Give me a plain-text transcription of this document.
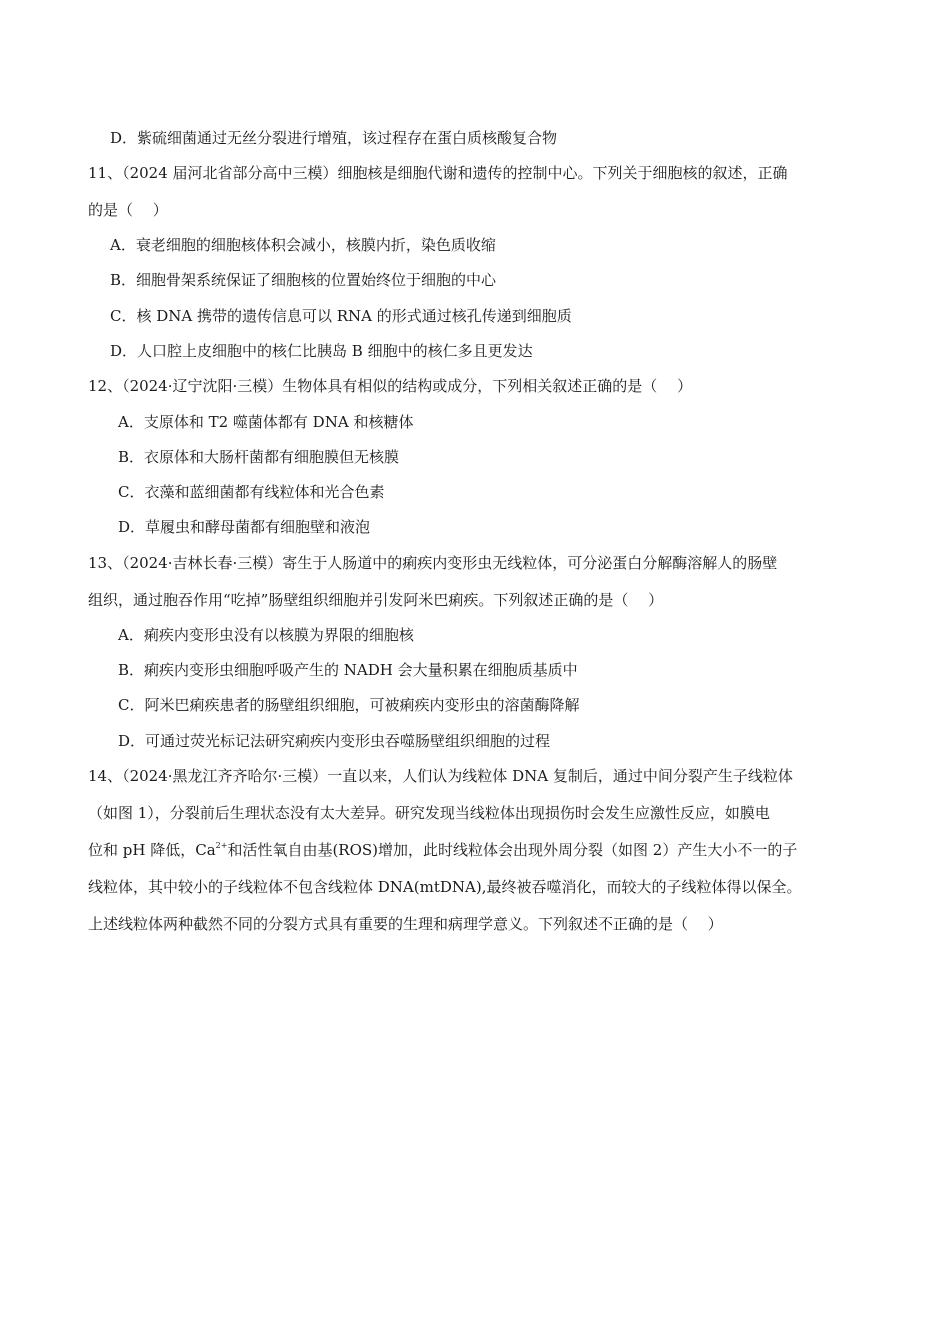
D．紫硫细菌通过无丝分裂进行增殖，该过程存在蛋白质核酸复合物
11、（2024 届河北省部分高中三模）细胞核是细胞代谢和遗传的控制中心。下列关于细胞核的叙述，正确
的是（　 ）
A．衰老细胞的细胞核体积会减小，核膜内折，染色质收缩
B．细胞骨架系统保证了细胞核的位置始终位于细胞的中心
C．核 DNA 携带的遗传信息可以 RNA 的形式通过核孔传递到细胞质
D．人口腔上皮细胞中的核仁比胰岛 B 细胞中的核仁多且更发达
12、（2024·辽宁沈阳·三模）生物体具有相似的结构或成分，下列相关叙述正确的是（　 ）
A．支原体和 T2 噬菌体都有 DNA 和核糖体
B．衣原体和大肠杆菌都有细胞膜但无核膜
C．衣藻和蓝细菌都有线粒体和光合色素
D．草履虫和酵母菌都有细胞壁和液泡
13、（2024·吉林长春·三模）寄生于人肠道中的痢疾内变形虫无线粒体，可分泌蛋白分解酶溶解人的肠壁
组织，通过胞吞作用“吃掉”肠壁组织细胞并引发阿米巴痢疾。下列叙述正确的是（　 ）
A．痢疾内变形虫没有以核膜为界限的细胞核
B．痢疾内变形虫细胞呼吸产生的 NADH 会大量积累在细胞质基质中
C．阿米巴痢疾患者的肠壁组织细胞，可被痢疾内变形虫的溶菌酶降解
D．可通过荧光标记法研究痢疾内变形虫吞噬肠壁组织细胞的过程
14、（2024·黑龙江齐齐哈尔·三模）一直以来，人们认为线粒体 DNA 复制后，通过中间分裂产生子线粒体
（如图 1），分裂前后生理状态没有太大差异。研究发现当线粒体出现损伤时会发生应激性反应，如膜电
位和 pH 降低，$Ca^{2+}$和活性氧自由基(ROS)增加，此时线粒体会出现外周分裂（如图 2）产生大小不一的子
线粒体，其中较小的子线粒体不包含线粒体 DNA(mtDNA),最终被吞噬消化，而较大的子线粒体得以保全。
上述线粒体两种截然不同的分裂方式具有重要的生理和病理学意义。下列叙述不正确的是（　 ）
